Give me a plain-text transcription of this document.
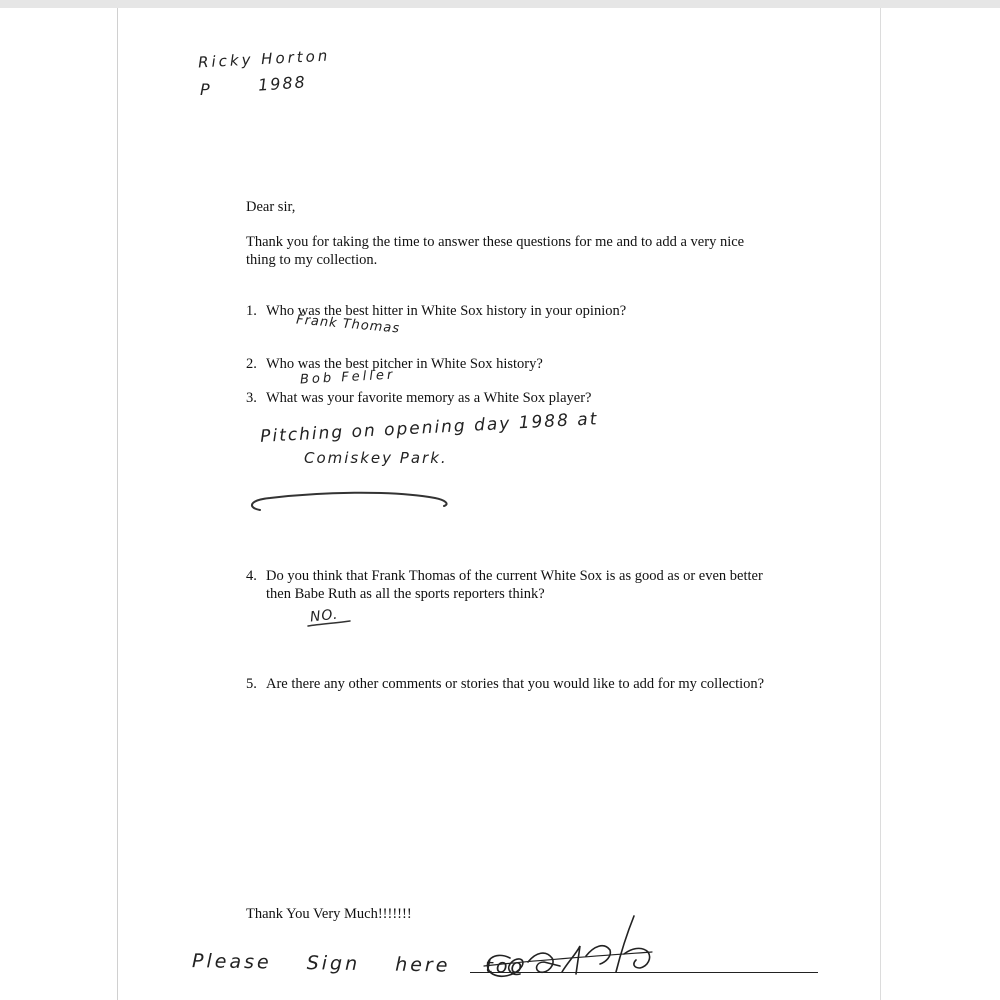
Ricky Horton
P	1988
Dear sir,
Thank you for taking the time to answer these questions for me and to add a very nice
thing to my collection.
1. Who was the best hitter in White Sox history in your opinion?
Frank Thomas
2. Who was the best pitcher in White Sox history?
Bob Feller
3. What was your favorite memory as a White Sox player?
Pitching on opening day 1988 at
Comiskey Park.
4. Do you think that Frank Thomas of the current White Sox is as good as or even better
then Babe Ruth as all the sports reporters think?
NO.
5. Are there any other comments or stories that you would like to add for my collection?
Thank You Very Much!!!!!!!
Please Sign here too
